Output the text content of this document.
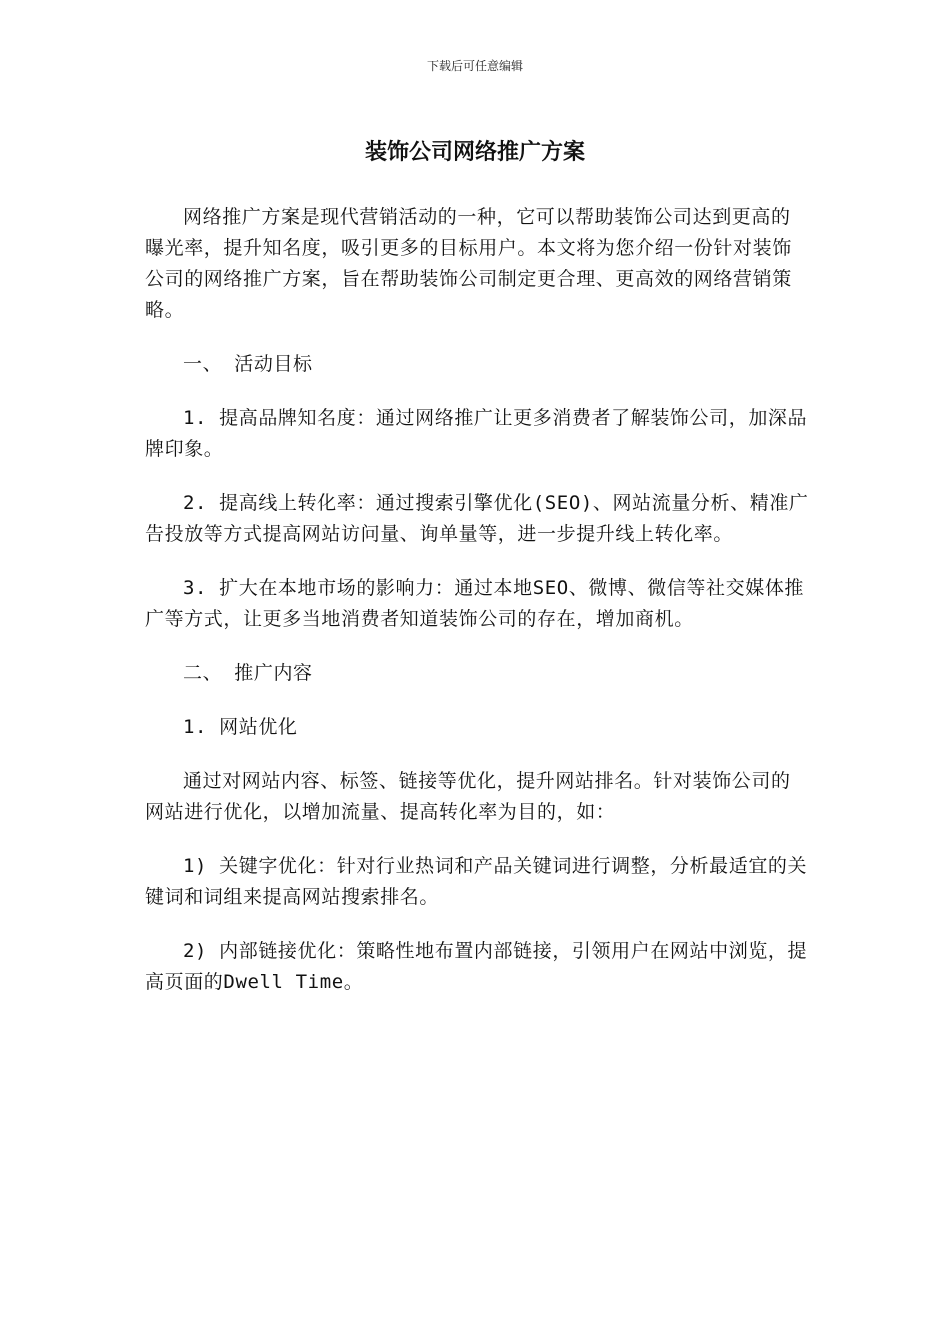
下载后可任意编辑
装饰公司网络推广方案

网络推广方案是现代营销活动的一种，它可以帮助装饰公司达到更高的曝光率，提升知名度，吸引更多的目标用户。本文将为您介绍一份针对装饰公司的网络推广方案，旨在帮助装饰公司制定更合理、更高效的网络营销策略。

一、 活动目标

1. 提高品牌知名度：通过网络推广让更多消费者了解装饰公司，加深品牌印象。

2. 提高线上转化率：通过搜索引擎优化(SEO)、网站流量分析、精准广告投放等方式提高网站访问量、询单量等，进一步提升线上转化率。

3. 扩大在本地市场的影响力：通过本地SEO、微博、微信等社交媒体推广等方式，让更多当地消费者知道装饰公司的存在，增加商机。

二、 推广内容

1. 网站优化

通过对网站内容、标签、链接等优化，提升网站排名。针对装饰公司的网站进行优化，以增加流量、提高转化率为目的，如：

1) 关键字优化：针对行业热词和产品关键词进行调整，分析最适宜的关键词和词组来提高网站搜索排名。

2) 内部链接优化：策略性地布置内部链接，引领用户在网站中浏览，提高页面的Dwell Time。
